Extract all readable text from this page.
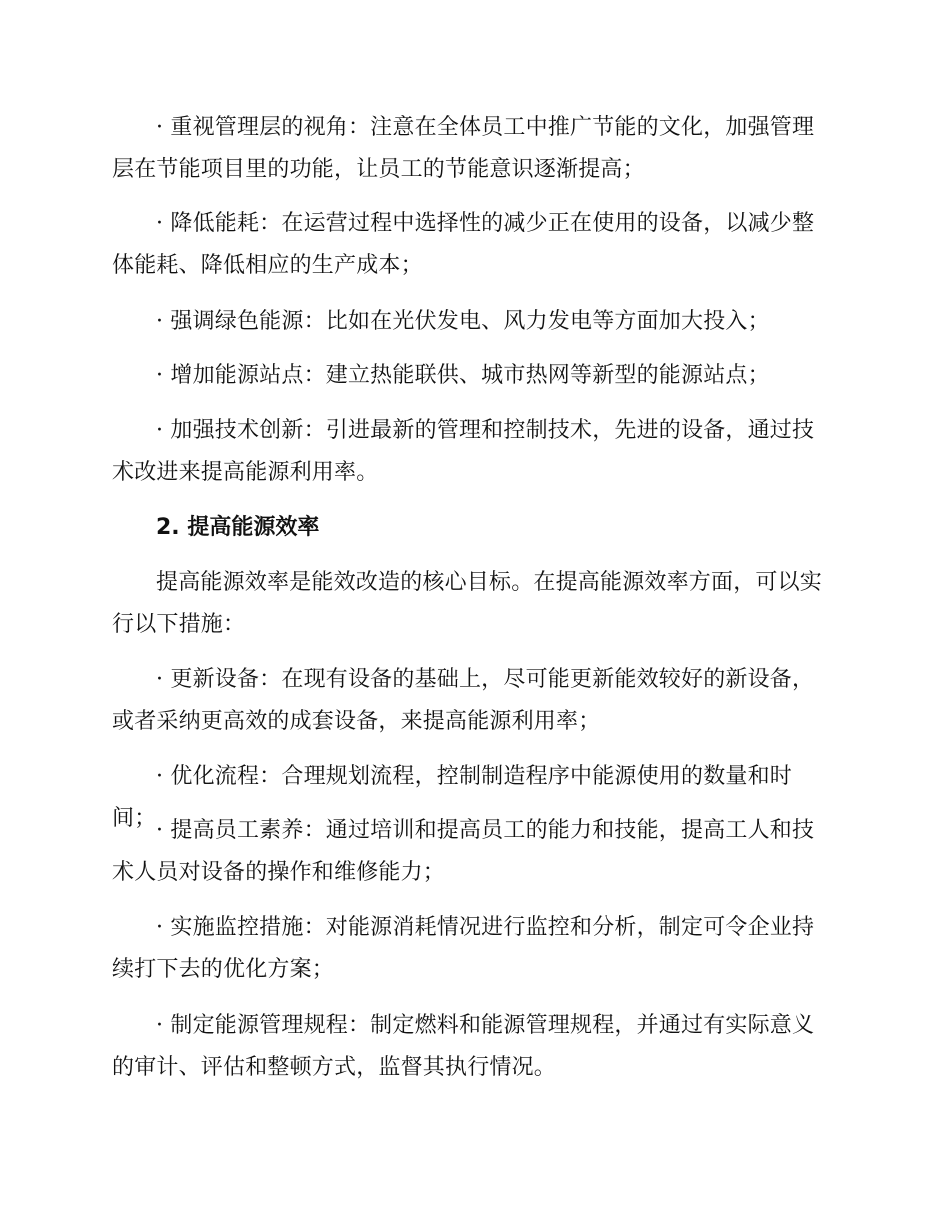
· 重视管理层的视角：注意在全体员工中推广节能的文化，加强管理层在节能项目里的功能，让员工的节能意识逐渐提高；

· 降低能耗：在运营过程中选择性的减少正在使用的设备，以减少整体能耗、降低相应的生产成本；

· 强调绿色能源：比如在光伏发电、风力发电等方面加大投入；

· 增加能源站点：建立热能联供、城市热网等新型的能源站点；

· 加强技术创新：引进最新的管理和控制技术，先进的设备，通过技术改进来提高能源利用率。

2. 提高能源效率

提高能源效率是能效改造的核心目标。在提高能源效率方面，可以实行以下措施：

· 更新设备：在现有设备的基础上，尽可能更新能效较好的新设备，或者采纳更高效的成套设备，来提高能源利用率；

· 优化流程：合理规划流程，控制制造程序中能源使用的数量和时间； · 提高员工素养：通过培训和提高员工的能力和技能，提高工人和技术人员对设备的操作和维修能力；

· 实施监控措施：对能源消耗情况进行监控和分析，制定可令企业持续打下去的优化方案；

· 制定能源管理规程：制定燃料和能源管理规程，并通过有实际意义的审计、评估和整顿方式，监督其执行情况。
